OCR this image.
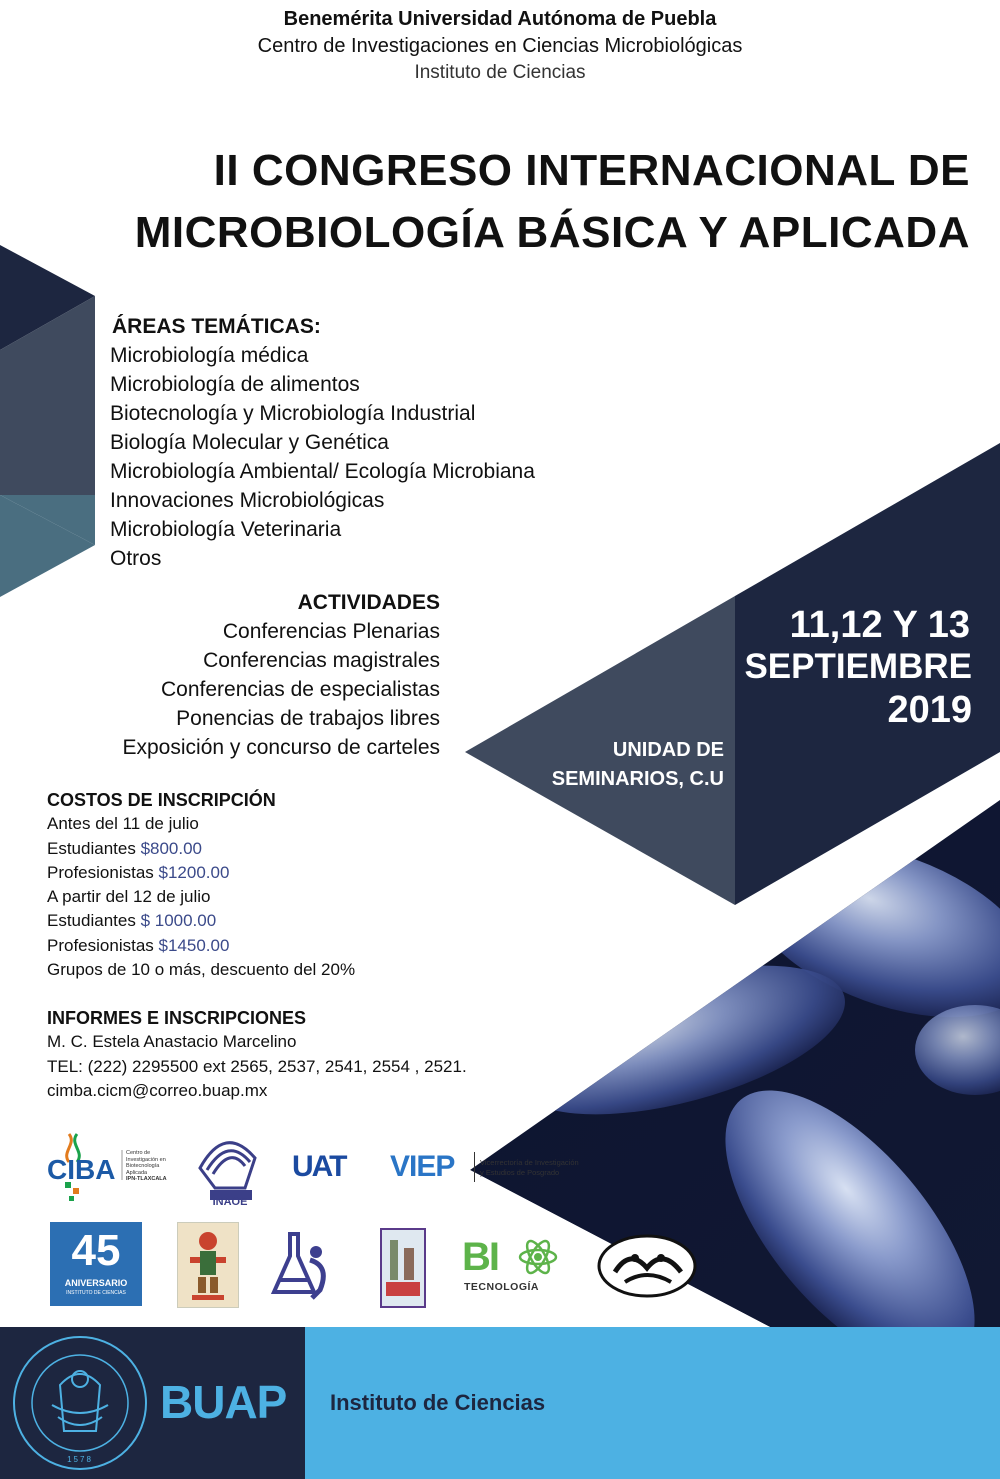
Benemérita Universidad Autónoma de Puebla
Centro de Investigaciones en Ciencias Microbiológicas
Instituto de Ciencias
II CONGRESO INTERNACIONAL DE
MICROBIOLOGÍA BÁSICA Y APLICADA
ÁREAS TEMÁTICAS:
Microbiología médica
Microbiología de alimentos
Biotecnología y Microbiología Industrial
Biología Molecular y Genética
Microbiología Ambiental/ Ecología Microbiana
Innovaciones Microbiológicas
Microbiología Veterinaria
Otros
ACTIVIDADES
Conferencias Plenarias
Conferencias magistrales
Conferencias de especialistas
Ponencias de trabajos libres
Exposición y concurso de carteles
11,12 Y 13
SEPTIEMBRE
2019
UNIDAD DE
SEMINARIOS, C.U
COSTOS DE INSCRIPCIÓN
Antes del 11 de julio
Estudiantes $800.00
Profesionistas $1200.00
A partir del 12 de julio
Estudiantes $ 1000.00
Profesionistas $1450.00
Grupos de 10 o más, descuento del 20%
INFORMES E INSCRIPCIONES
M. C. Estela Anastacio Marcelino
TEL: (222) 2295500 ext 2565, 2537, 2541, 2554 , 2521.
cimba.cicm@correo.buap.mx
CIBA
Centro de
Investigación en
Biotecnología
Aplicada
IPN-TLAXCALA
INAOE
UAT	VIEP	Vicerrectoría de Investigación
y Estudios de Posgrado
45
ANIVERSARIO
INSTITUTO DE CIENCIAS
BI
TECNOLOGÍA
1578
BUAP Instituto de Ciencias
